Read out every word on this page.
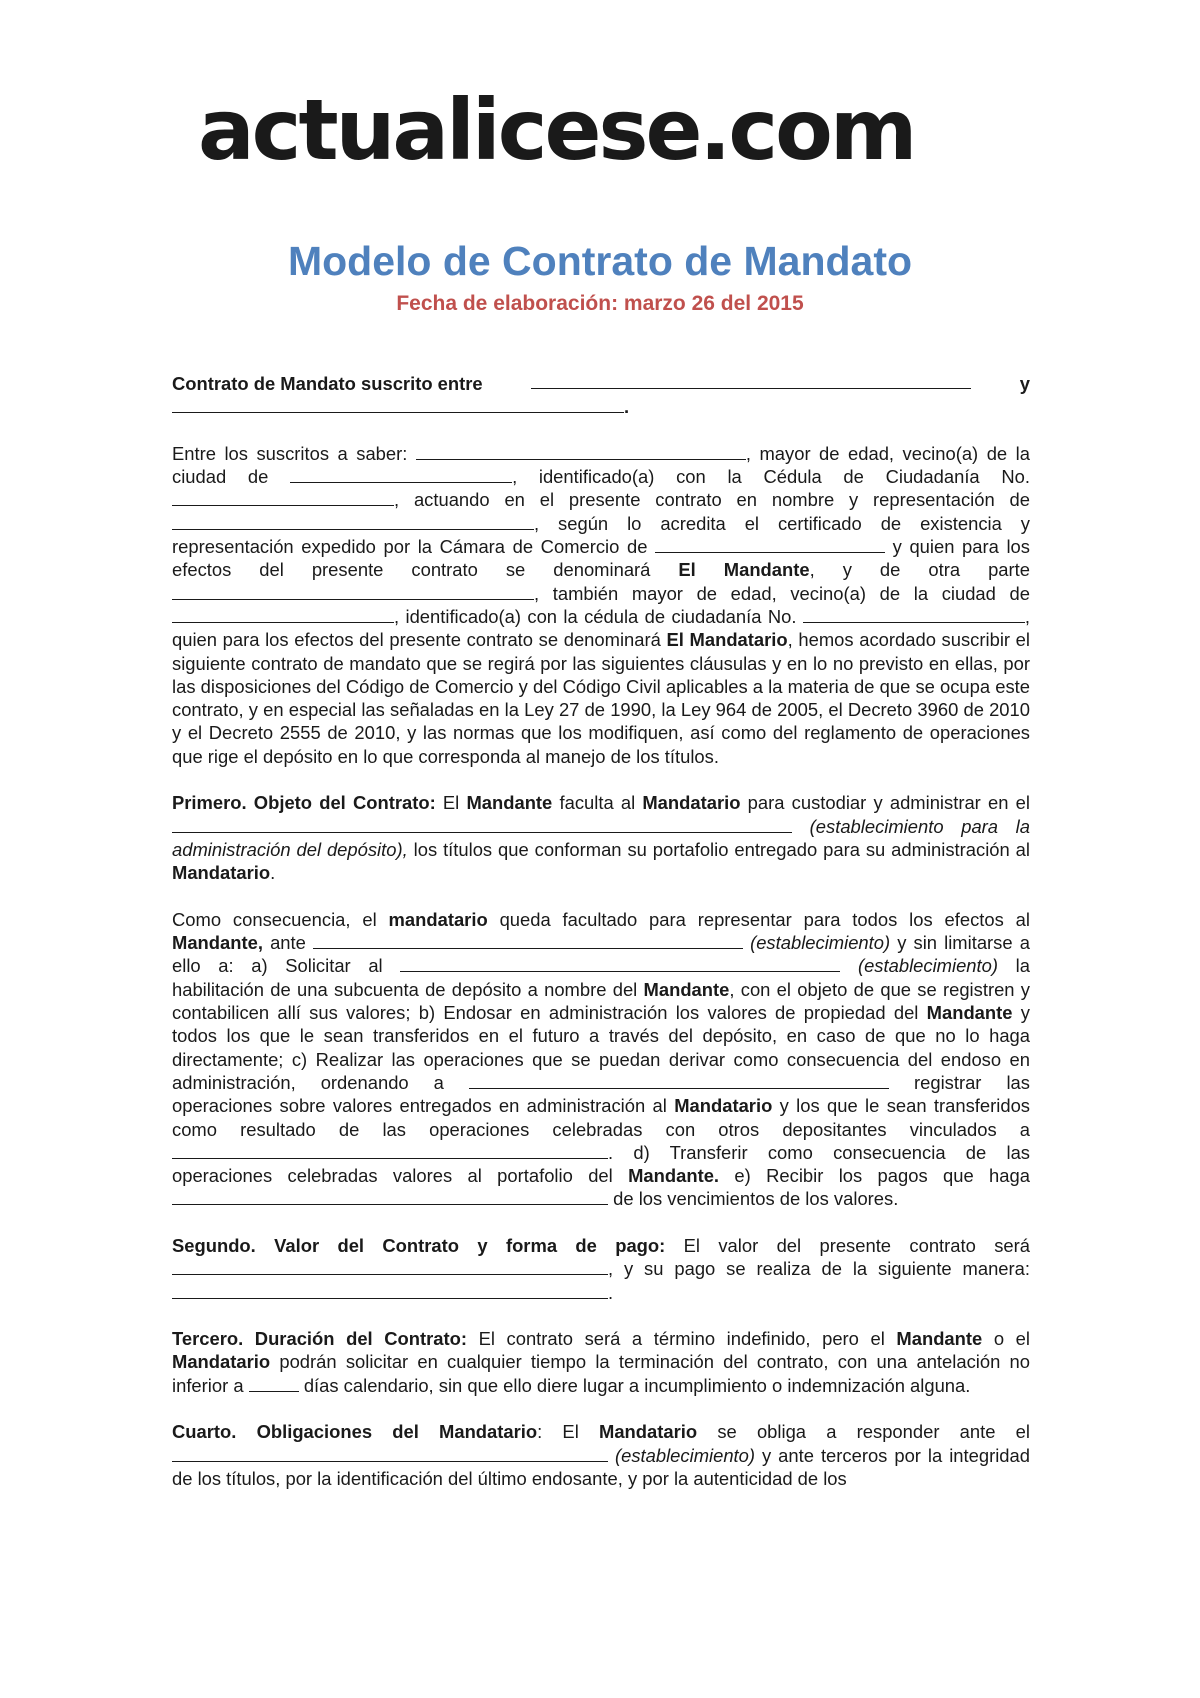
actualicese.com
Modelo de Contrato de Mandato
Fecha de elaboración: marzo 26 del 2015

Contrato de Mandato suscrito entre	y
.

Entre los suscritos a saber:	, mayor de edad, vecino(a) de la ciudad de	, identificado(a) con la Cédula de Ciudadanía No. , actuando en el presente contrato en nombre y representación de , según lo acredita el certificado de existencia y representación expedido por la Cámara de Comercio de	y quien para los efectos del presente contrato se denominará El Mandante, y de otra parte , también mayor de edad, vecino(a) de la ciudad de , identificado(a) con la cédula de ciudadanía No.	, quien para los efectos del presente contrato se denominará El Mandatario, hemos acordado suscribir el siguiente contrato de mandato que se regirá por las siguientes cláusulas y en lo no previsto en ellas, por las disposiciones del Código de Comercio y del Código Civil aplicables a la materia de que se ocupa este contrato, y en especial las señaladas en la Ley 27 de 1990, la Ley 964 de 2005, el Decreto 3960 de 2010 y el Decreto 2555 de 2010, y las normas que los modifiquen, así como del reglamento de operaciones que rige el depósito en lo que corresponda al manejo de los títulos.

Primero. Objeto del Contrato: El Mandante faculta al Mandatario para custodiar y administrar en el  (establecimiento para la administración del depósito), los títulos que conforman su portafolio entregado para su administración al Mandatario.

Como consecuencia, el mandatario queda facultado para representar para todos los efectos al Mandante, ante	(establecimiento) y sin limitarse a ello a: a) Solicitar al	(establecimiento) la habilitación de una subcuenta de depósito a nombre del Mandante, con el objeto de que se registren y contabilicen allí sus valores; b) Endosar en administración los valores de propiedad del Mandante y todos los que le sean transferidos en el futuro a través del depósito, en caso de que no lo haga directamente; c) Realizar las operaciones que se puedan derivar como consecuencia del endoso en administración, ordenando a	registrar las operaciones sobre valores entregados en administración al Mandatario y los que le sean transferidos como resultado de las operaciones celebradas con otros depositantes vinculados a . d) Transferir como consecuencia de las operaciones celebradas valores al portafolio del Mandante. e) Recibir los pagos que haga  de los vencimientos de los valores.

Segundo. Valor del Contrato y forma de pago: El valor del presente contrato será , y su pago se realiza de la siguiente manera: .

Tercero. Duración del Contrato: El contrato será a término indefinido, pero el Mandante o el Mandatario podrán solicitar en cualquier tiempo la terminación del contrato, con una antelación no inferior a	días calendario, sin que ello diere lugar a incumplimiento o indemnización alguna.

Cuarto. Obligaciones del Mandatario: El Mandatario se obliga a responder ante el  (establecimiento) y ante terceros por la integridad de los títulos, por la identificación del último endosante, y por la autenticidad de los
